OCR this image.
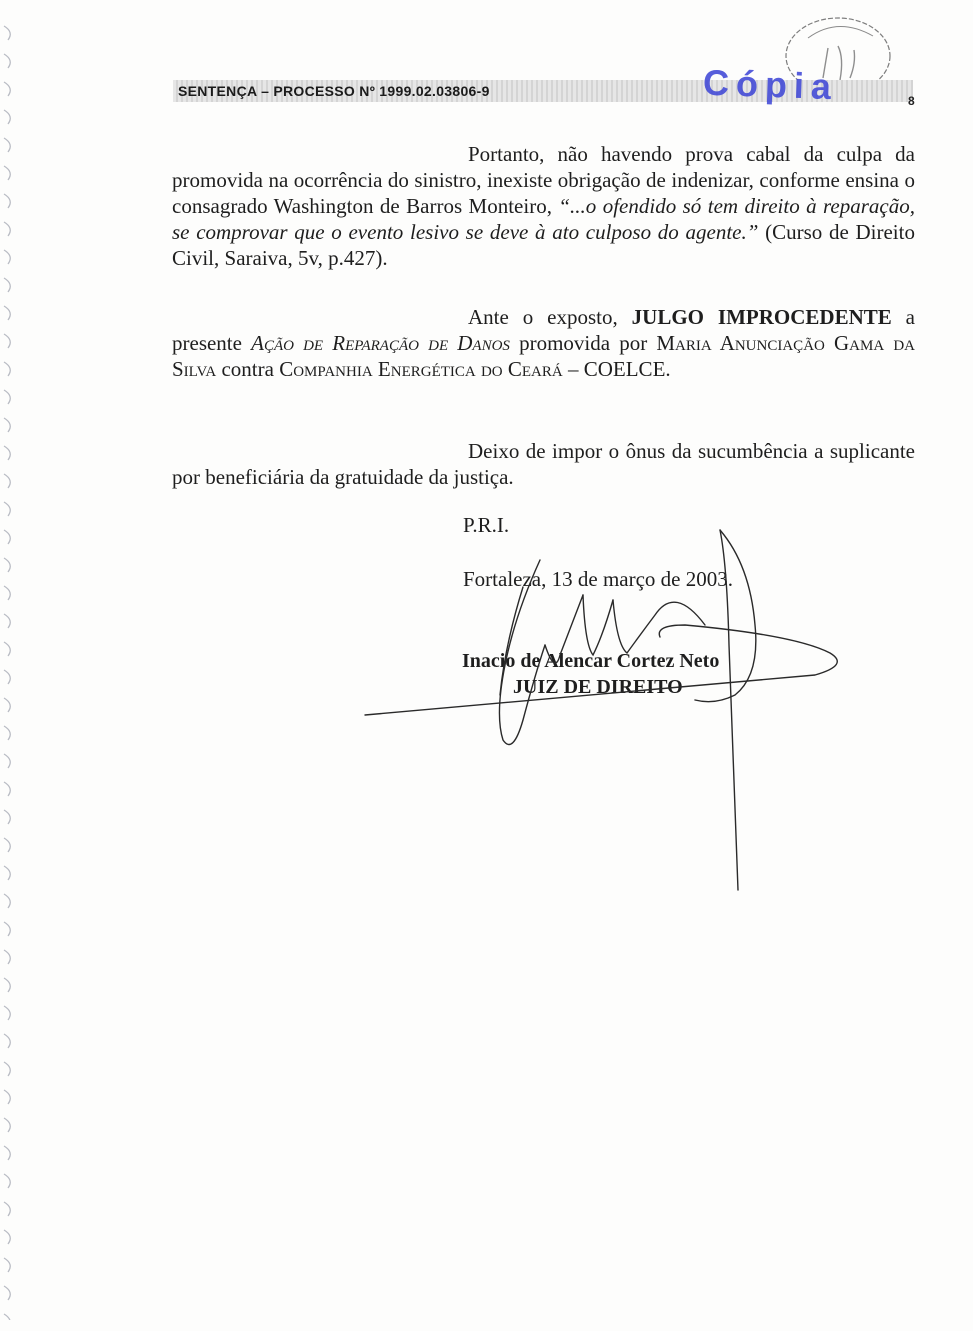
SENTENÇA – PROCESSO Nº 1999.02.03806-9	Cópia	8

Portanto, não havendo prova cabal da culpa da promovida na ocorrência do sinistro, inexiste obrigação de indenizar, conforme ensina o consagrado Washington de Barros Monteiro, “...o ofendido só tem direito à reparação, se comprovar que o evento lesivo se deve à ato culposo do agente.” (Curso de Direito Civil, Saraiva, 5v, p.427).

Ante o exposto, JULGO IMPROCEDENTE a presente Ação de Reparação de Danos promovida por Maria Anunciação Gama da Silva contra Companhia Energética do Ceará – COELCE.

Deixo de impor o ônus da sucumbência a suplicante por beneficiária da gratuidade da justiça.

P.R.I.
Fortaleza, 13 de março de 2003.
Inacio de Alencar Cortez Neto
JUIZ DE DIREITO
